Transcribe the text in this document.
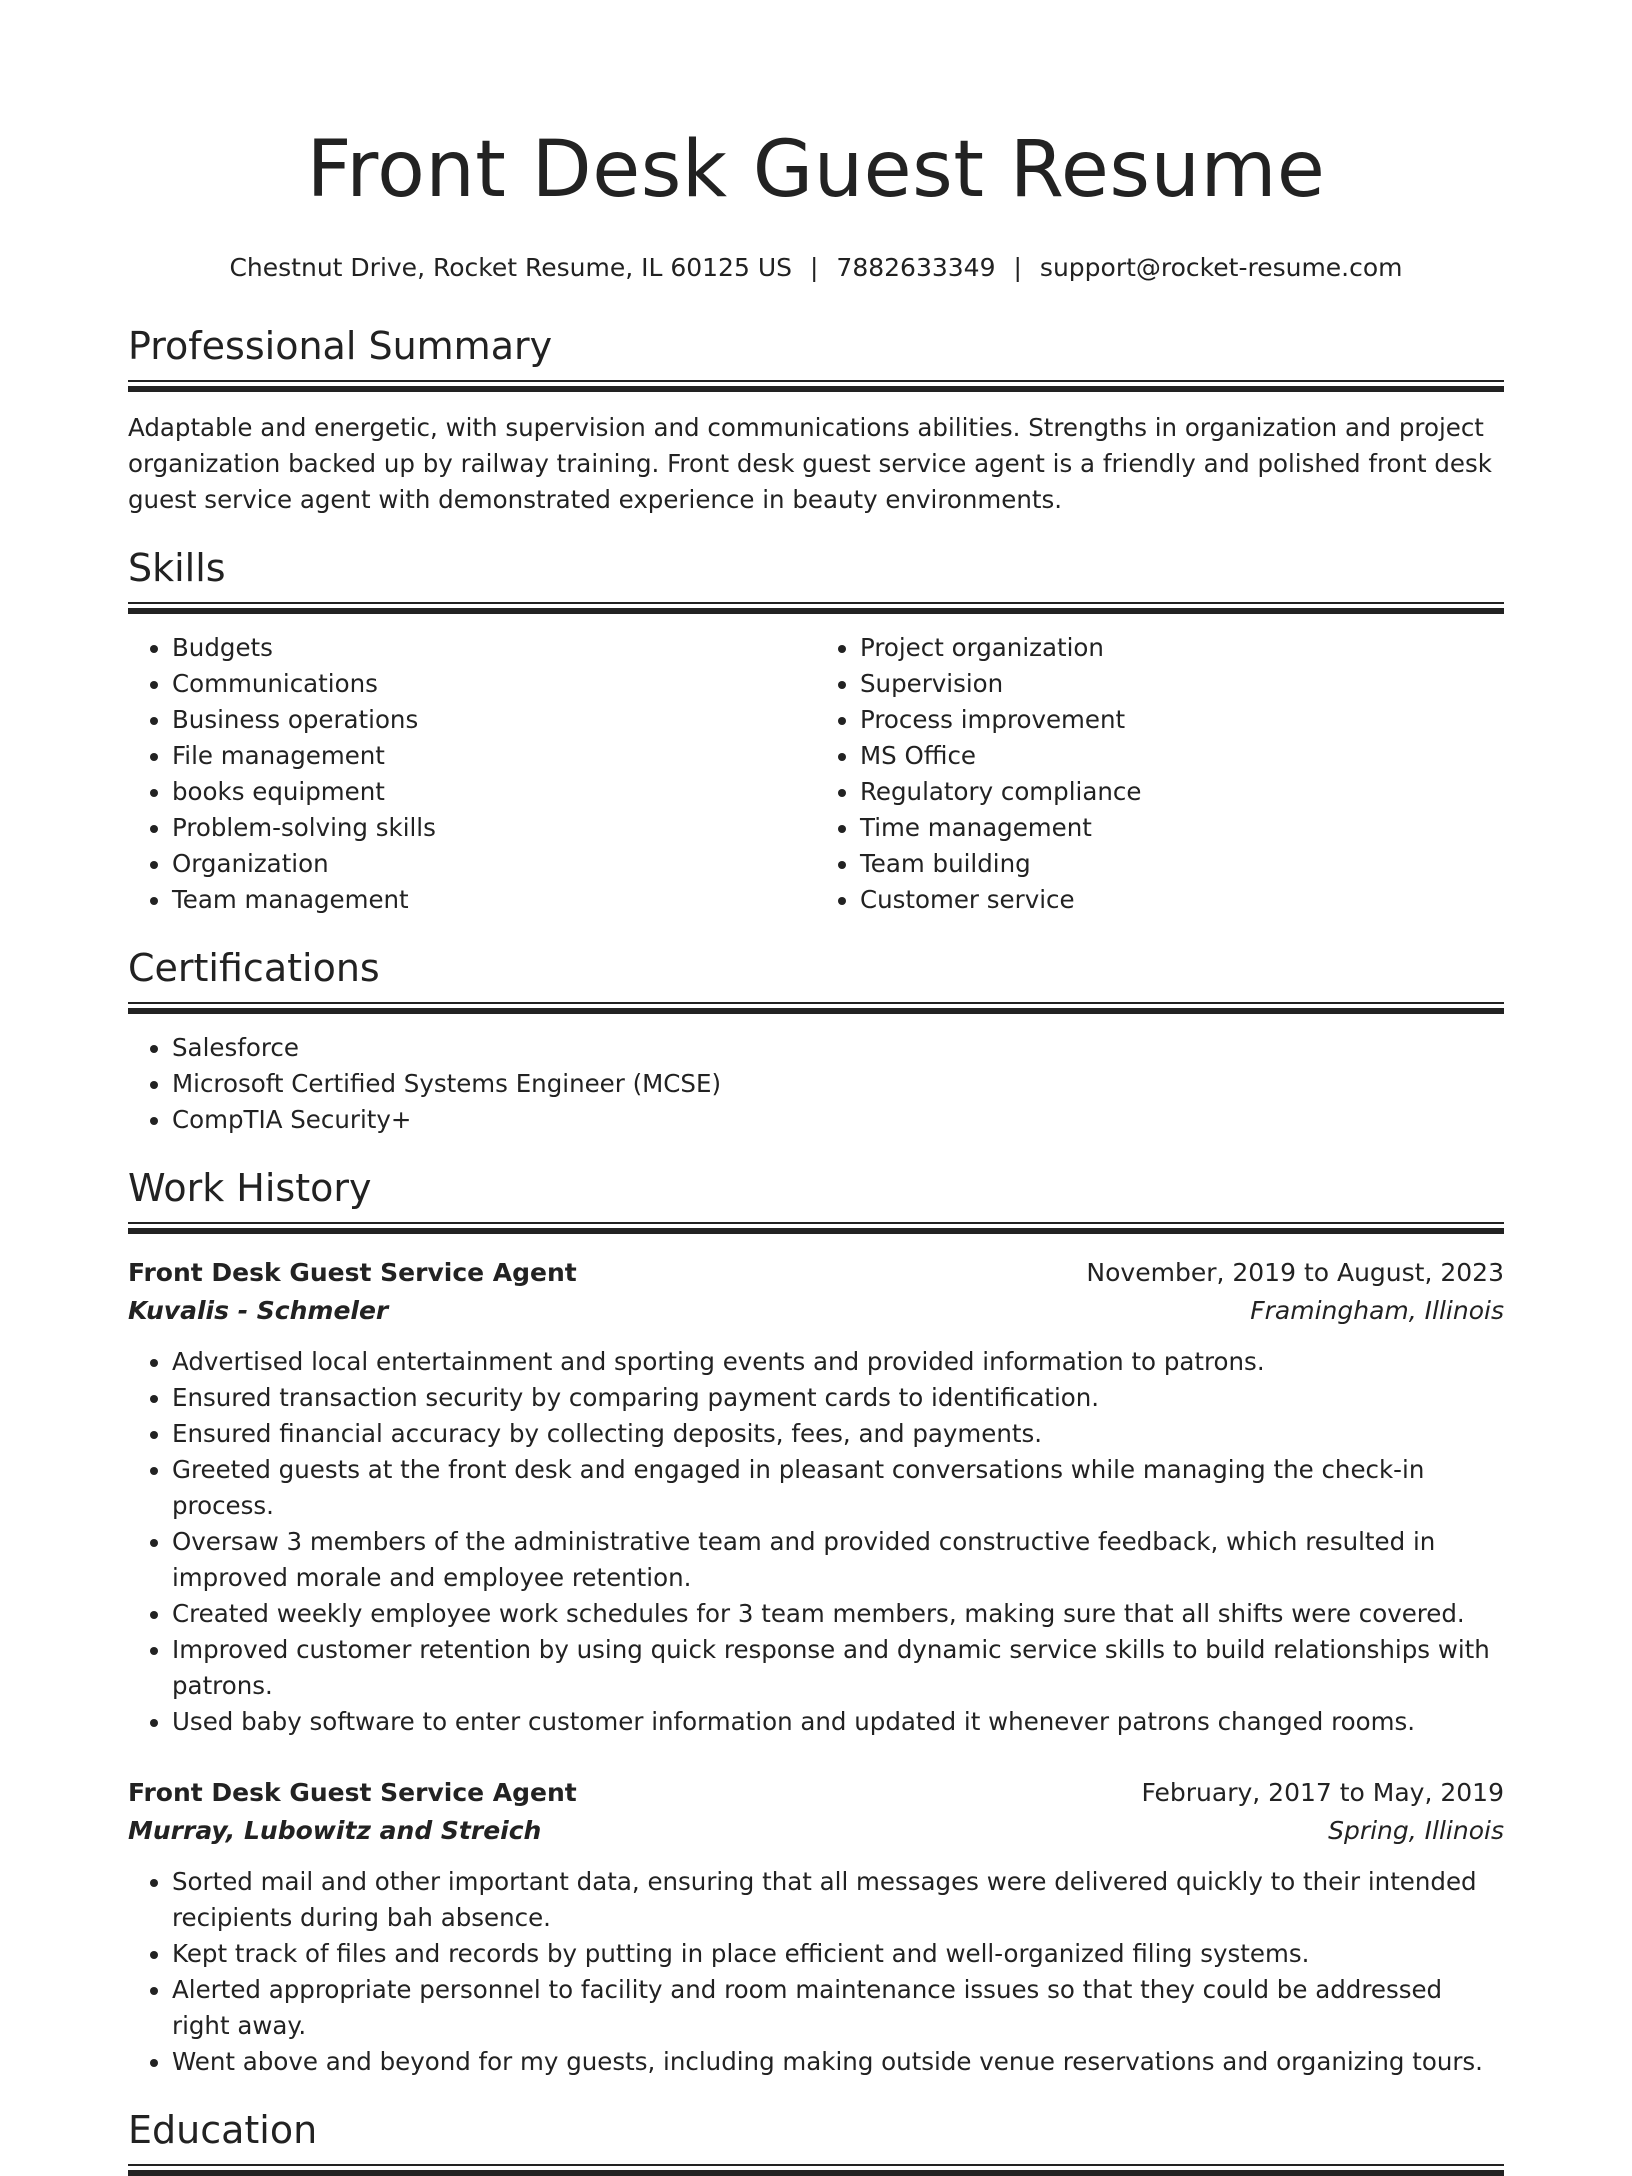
Front Desk Guest Resume
Chestnut Drive, Rocket Resume, IL 60125 US | 7882633349 | support@rocket-resume.com
Professional Summary

Adaptable and energetic, with supervision and communications abilities. Strengths in organization and project organization backed up by railway training. Front desk guest service agent is a friendly and polished front desk guest service agent with demonstrated experience in beauty environments.

Skills
• Budgets
• Communications
• Business operations
• File management
• books equipment
• Problem-solving skills
• Organization
• Team management
• Project organization
• Supervision
• Process improvement
• MS Office
• Regulatory compliance
• Time management
• Team building
• Customer service
Certifications
• Salesforce
• Microsoft Certified Systems Engineer (MCSE)
• CompTIA Security+
Work History
Front Desk Guest Service Agent	November, 2019 to August, 2023
Kuvalis - Schmeler	Framingham, Illinois
• Advertised local entertainment and sporting events and provided information to patrons.
• Ensured transaction security by comparing payment cards to identification.
• Ensured financial accuracy by collecting deposits, fees, and payments.
• Greeted guests at the front desk and engaged in pleasant conversations while managing the check-in process.
• Oversaw 3 members of the administrative team and provided constructive feedback, which resulted in improved morale and employee retention.
• Created weekly employee work schedules for 3 team members, making sure that all shifts were covered.
• Improved customer retention by using quick response and dynamic service skills to build relationships with patrons.
• Used baby software to enter customer information and updated it whenever patrons changed rooms.
Front Desk Guest Service Agent	February, 2017 to May, 2019
Murray, Lubowitz and Streich	Spring, Illinois
• Sorted mail and other important data, ensuring that all messages were delivered quickly to their intended recipients during bah absence.
• Kept track of files and records by putting in place efficient and well-organized filing systems.
• Alerted appropriate personnel to facility and room maintenance issues so that they could be addressed right away.
• Went above and beyond for my guests, including making outside venue reservations and organizing tours.
Education
